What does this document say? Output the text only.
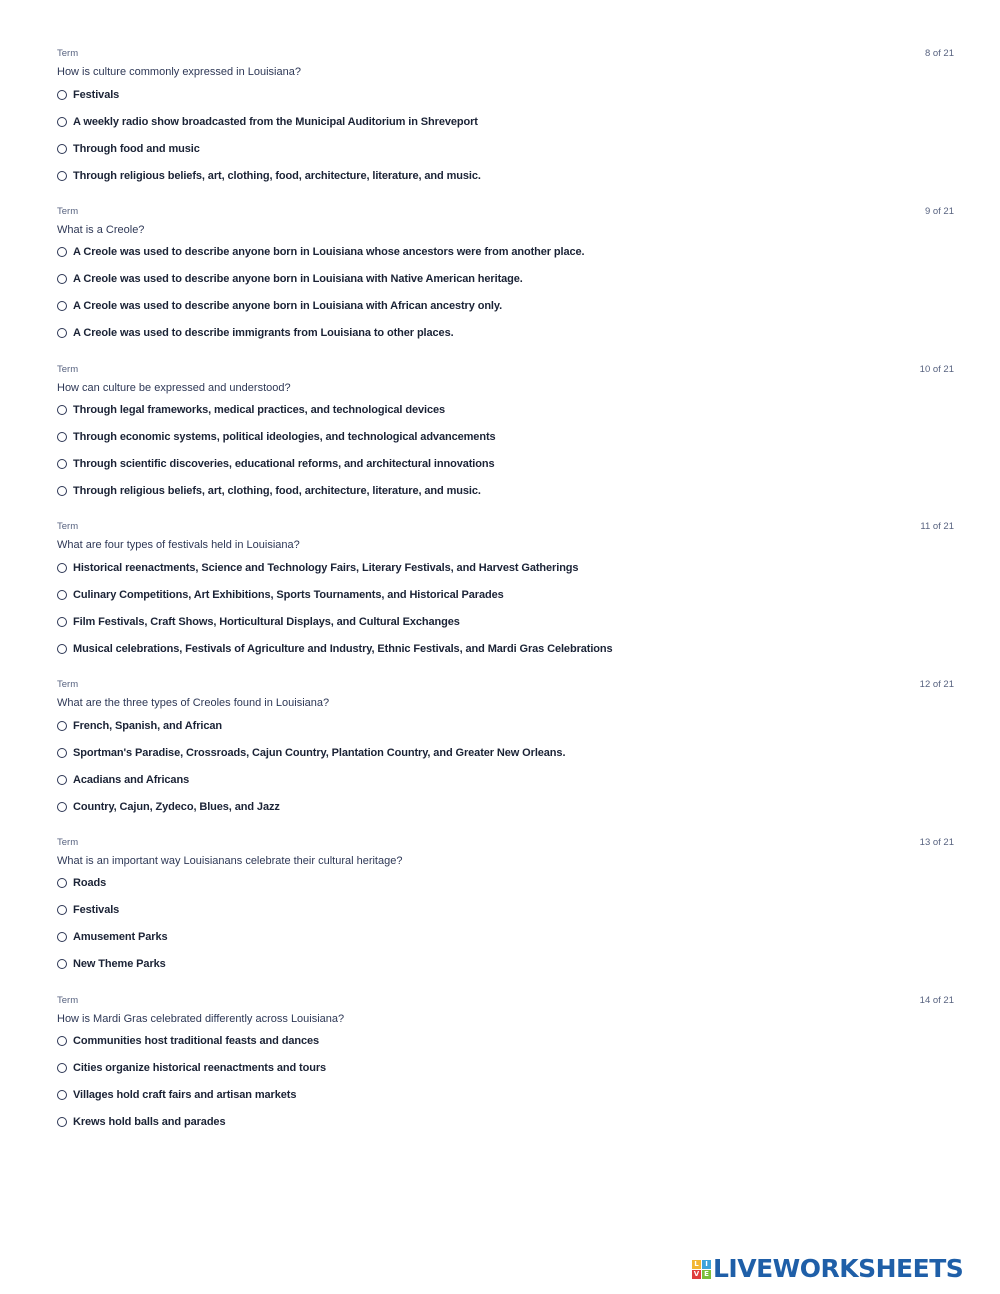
Term	8 of 21
How is culture commonly expressed in Louisiana?
Festivals
A weekly radio show broadcasted from the Municipal Auditorium in Shreveport
Through food and music
Through religious beliefs, art, clothing, food, architecture, literature, and music.
Term	9 of 21
What is a Creole?
A Creole was used to describe anyone born in Louisiana whose ancestors were from another place.
A Creole was used to describe anyone born in Louisiana with Native American heritage.
A Creole was used to describe anyone born in Louisiana with African ancestry only.
A Creole was used to describe immigrants from Louisiana to other places.
Term	10 of 21
How can culture be expressed and understood?
Through legal frameworks, medical practices, and technological devices
Through economic systems, political ideologies, and technological advancements
Through scientific discoveries, educational reforms, and architectural innovations
Through religious beliefs, art, clothing, food, architecture, literature, and music.
Term	11 of 21
What are four types of festivals held in Louisiana?
Historical reenactments, Science and Technology Fairs, Literary Festivals, and Harvest Gatherings
Culinary Competitions, Art Exhibitions, Sports Tournaments, and Historical Parades
Film Festivals, Craft Shows, Horticultural Displays, and Cultural Exchanges
Musical celebrations, Festivals of Agriculture and Industry, Ethnic Festivals, and Mardi Gras Celebrations
Term	12 of 21
What are the three types of Creoles found in Louisiana?
French, Spanish, and African
Sportman's Paradise, Crossroads, Cajun Country, Plantation Country, and Greater New Orleans.
Acadians and Africans
Country, Cajun, Zydeco, Blues, and Jazz
Term	13 of 21
What is an important way Louisianans celebrate their cultural heritage?
Roads
Festivals
Amusement Parks
New Theme Parks
Term	14 of 21
How is Mardi Gras celebrated differently across Louisiana?
Communities host traditional feasts and dances
Cities organize historical reenactments and tours
Villages hold craft fairs and artisan markets
Krews hold balls and parades
L I
V E LIVEWORKSHEETS
